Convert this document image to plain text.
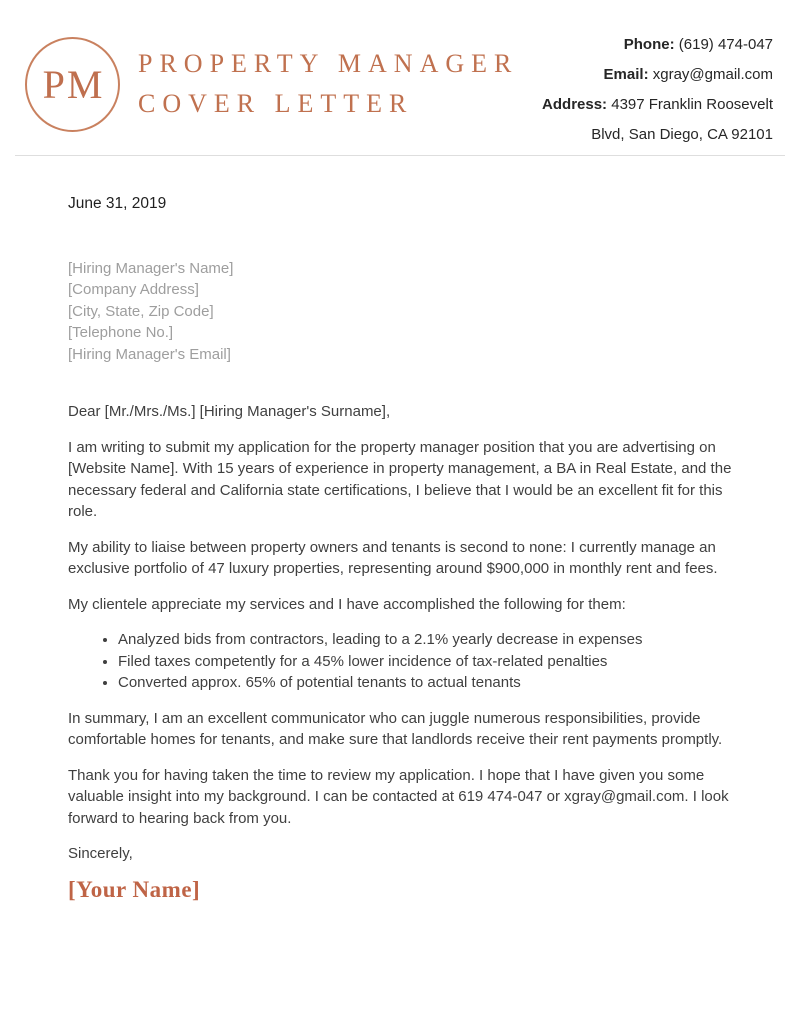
PM PROPERTY MANAGER
COVER LETTER
Phone: (619) 474-047
Email: xgray@gmail.com
Address: 4397 Franklin Roosevelt
Blvd, San Diego, CA 92101

June 31, 2019

[Hiring Manager's Name]
[Company Address]
[City, State, Zip Code]
[Telephone No.]
[Hiring Manager's Email]

Dear [Mr./Mrs./Ms.] [Hiring Manager's Surname],

I am writing to submit my application for the property manager position that you are advertising on [Website Name]. With 15 years of experience in property management, a BA in Real Estate, and the necessary federal and California state certifications, I believe that I would be an excellent fit for this role.

My ability to liaise between property owners and tenants is second to none: I currently manage an exclusive portfolio of 47 luxury properties, representing around $900,000 in monthly rent and fees.

My clientele appreciate my services and I have accomplished the following for them:

• Analyzed bids from contractors, leading to a 2.1% yearly decrease in expenses
• Filed taxes competently for a 45% lower incidence of tax-related penalties
• Converted approx. 65% of potential tenants to actual tenants

In summary, I am an excellent communicator who can juggle numerous responsibilities, provide comfortable homes for tenants, and make sure that landlords receive their rent payments promptly.

Thank you for having taken the time to review my application. I hope that I have given you some valuable insight into my background. I can be contacted at 619 474-047 or xgray@gmail.com. I look forward to hearing back from you.

Sincerely,

[Your Name]
